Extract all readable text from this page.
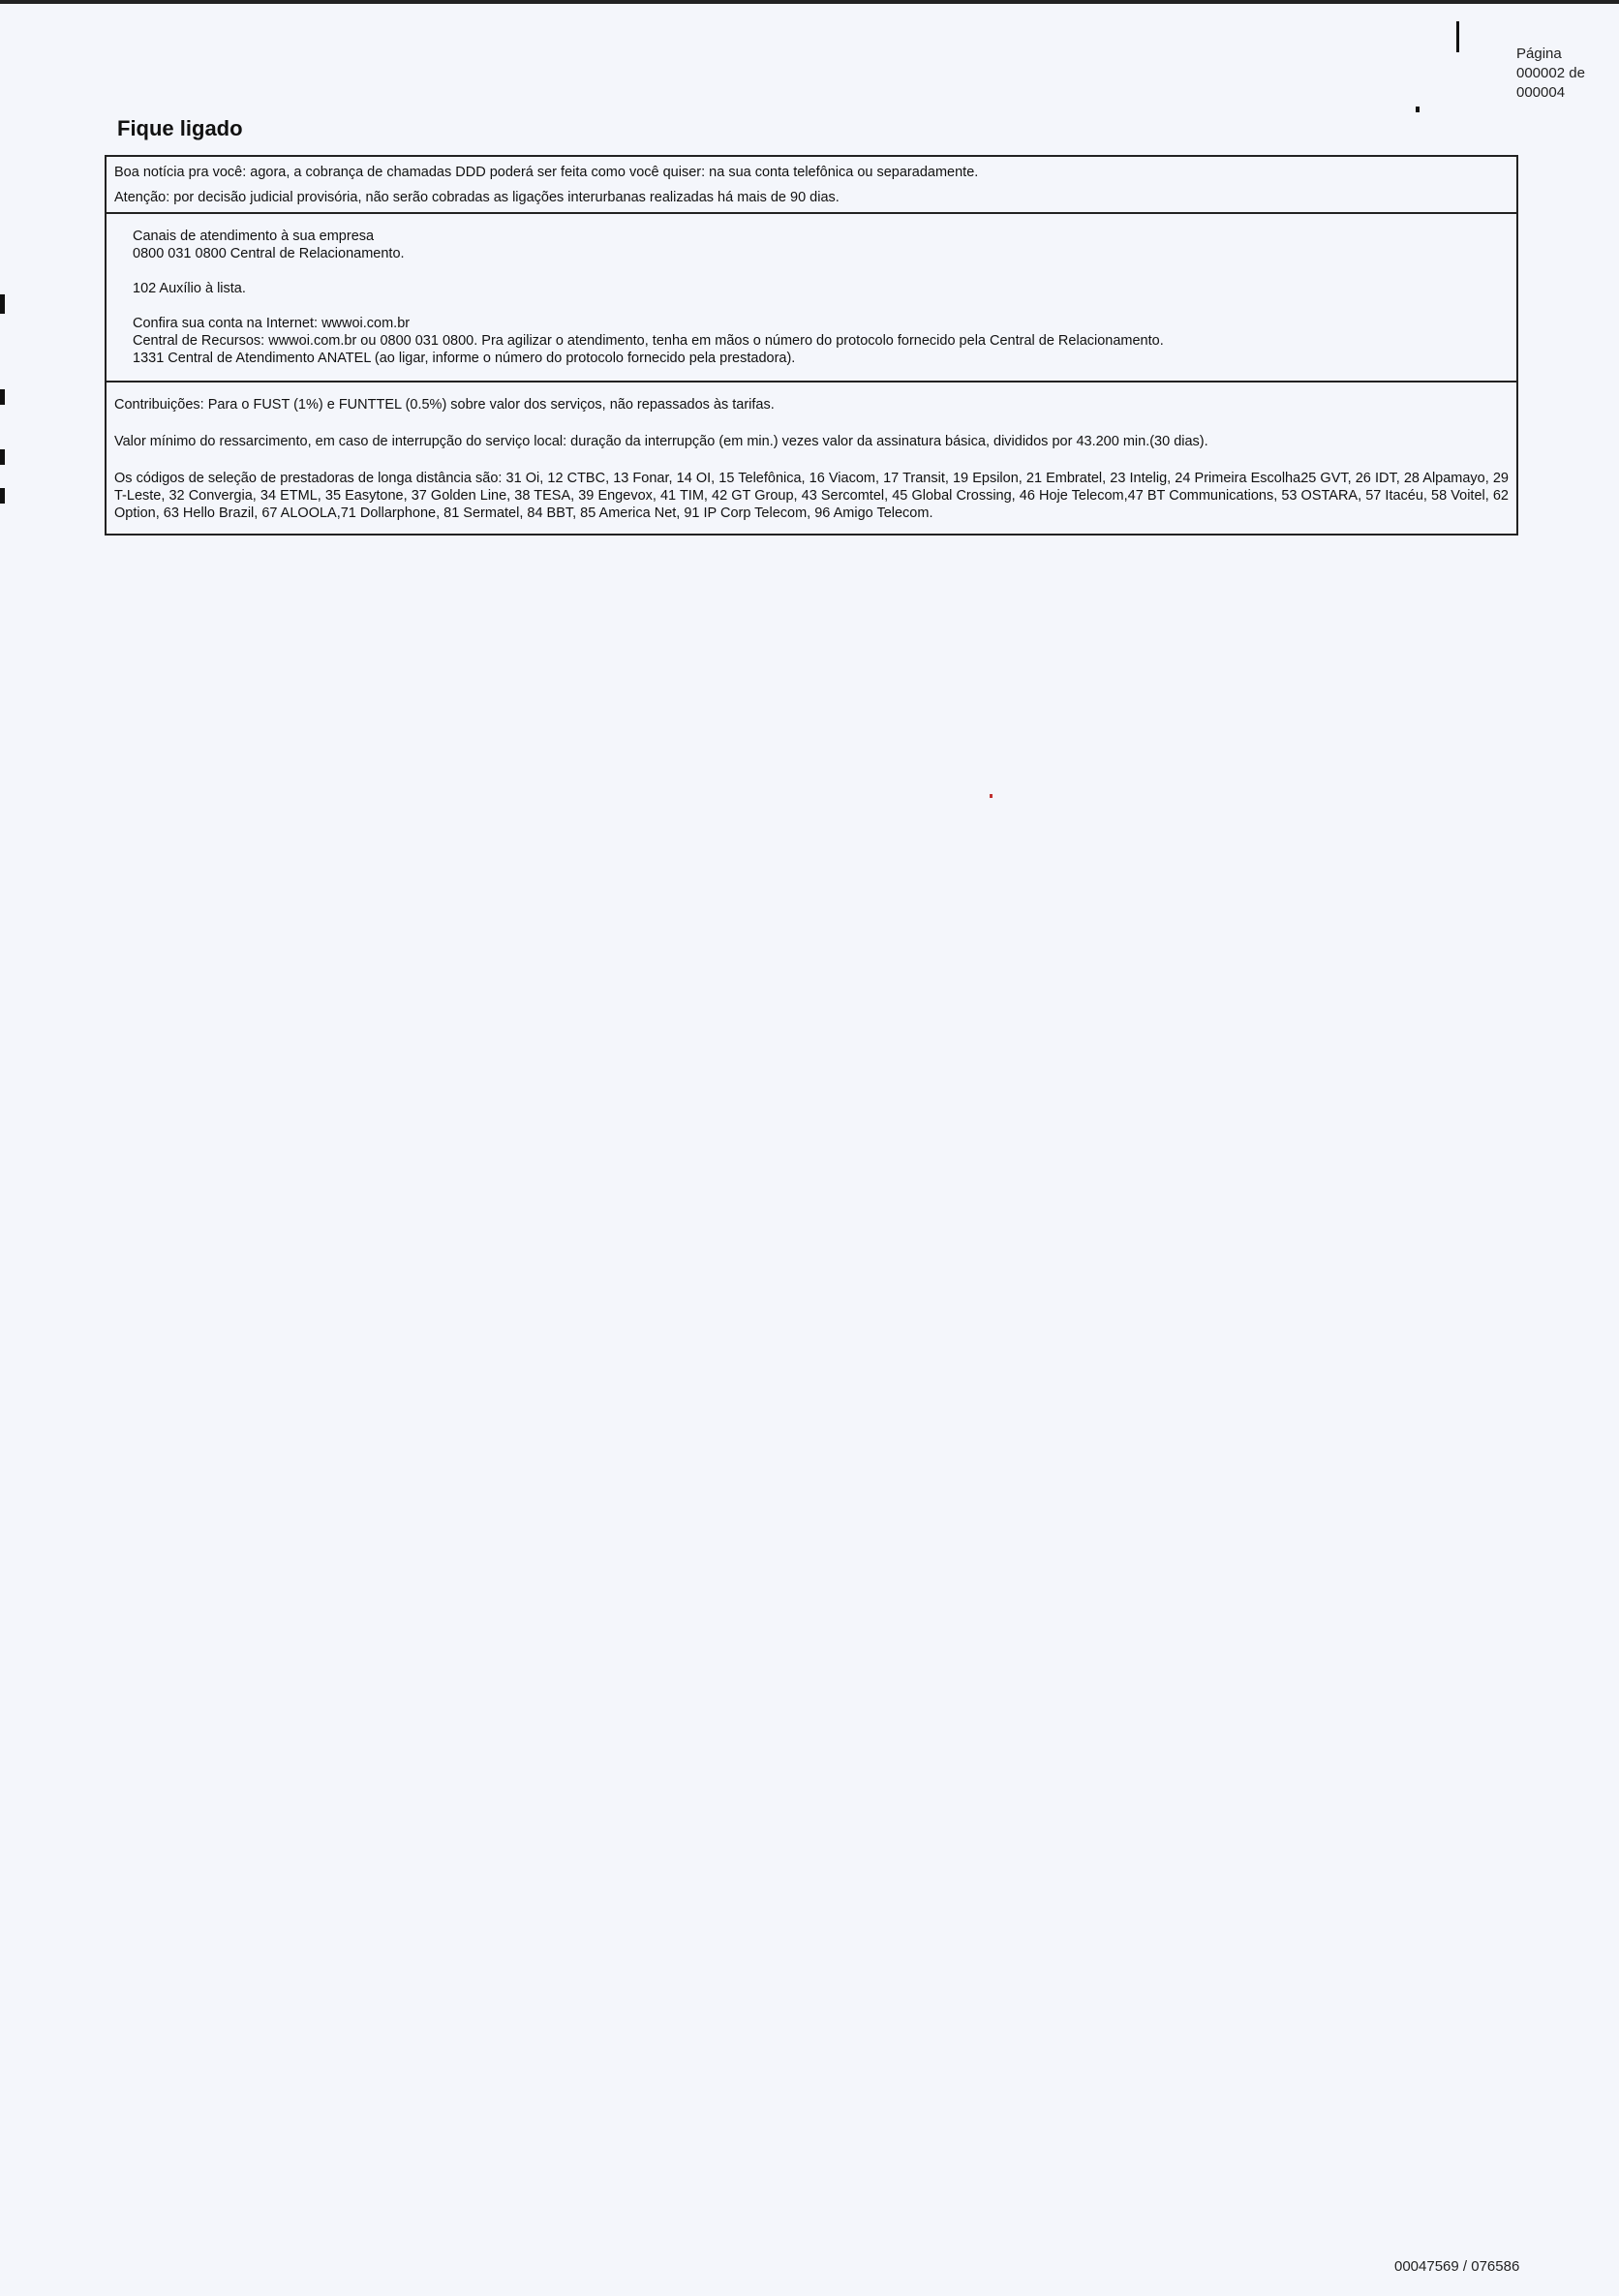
Página
000002 de
000004
Fique ligado

Boa notícia pra você: agora, a cobrança de chamadas DDD poderá ser feita como você quiser: na sua conta telefônica ou separadamente.

Atenção: por decisão judicial provisória, não serão cobradas as ligações interurbanas realizadas há mais de 90 dias.

Canais de atendimento à sua empresa

0800 031 0800 Central de Relacionamento.

102 Auxílio à lista.

Confira sua conta na Internet: wwwoi.com.br

Central de Recursos: wwwoi.com.br ou 0800 031 0800. Pra agilizar o atendimento, tenha em mãos o número do protocolo fornecido pela Central de Relacionamento.

1331 Central de Atendimento ANATEL (ao ligar, informe o número do protocolo fornecido pela prestadora).

Contribuições: Para o FUST (1%) e FUNTTEL (0.5%) sobre valor dos serviços, não repassados às tarifas.

Valor mínimo do ressarcimento, em caso de interrupção do serviço local: duração da interrupção (em min.) vezes valor da assinatura básica, divididos por 43.200 min.(30 dias).

Os códigos de seleção de prestadoras de longa distância são: 31 Oi, 12 CTBC, 13 Fonar, 14 OI, 15 Telefônica, 16 Viacom, 17 Transit, 19 Epsilon, 21 Embratel, 23 Intelig, 24 Primeira Escolha25 GVT, 26 IDT, 28 Alpamayo, 29 T-Leste, 32 Convergia, 34 ETML, 35 Easytone, 37 Golden Line, 38 TESA, 39 Engevox, 41 TIM, 42 GT Group, 43 Sercomtel, 45 Global Crossing, 46 Hoje Telecom,47 BT Communications, 53 OSTARA, 57 Itacéu, 58 Voitel, 62 Option, 63 Hello Brazil, 67 ALOOLA,71 Dollarphone, 81 Sermatel, 84 BBT, 85 America Net, 91 IP Corp Telecom, 96 Amigo Telecom.

00047569 / 076586
